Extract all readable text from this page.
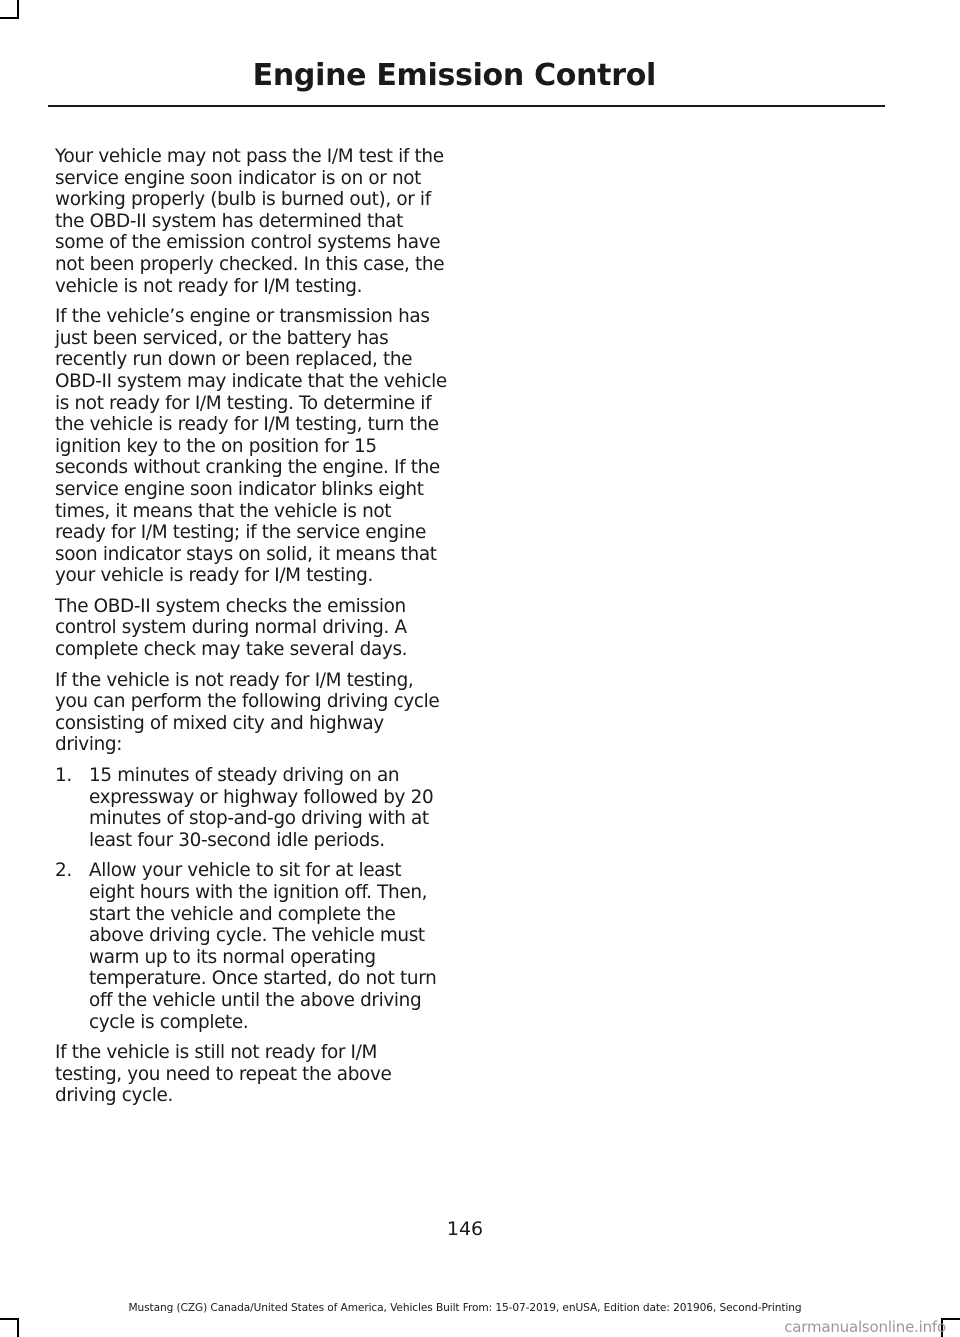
Engine Emission Control

Your vehicle may not pass the I/M test if the service engine soon indicator is on or not working properly (bulb is burned out), or if the OBD-II system has determined that some of the emission control systems have not been properly checked. In this case, the vehicle is not ready for I/M testing.

If the vehicle’s engine or transmission has just been serviced, or the battery has recently run down or been replaced, the OBD-II system may indicate that the vehicle is not ready for I/M testing. To determine if the vehicle is ready for I/M testing, turn the ignition key to the on position for 15 seconds without cranking the engine. If the service engine soon indicator blinks eight times, it means that the vehicle is not ready for I/M testing; if the service engine soon indicator stays on solid, it means that your vehicle is ready for I/M testing.

The OBD-II system checks the emission control system during normal driving. A complete check may take several days.

If the vehicle is not ready for I/M testing, you can perform the following driving cycle consisting of mixed city and highway driving:

1. 15 minutes of steady driving on an expressway or highway followed by 20 minutes of stop-and-go driving with at least four 30-second idle periods.
2. Allow your vehicle to sit for at least eight hours with the ignition off. Then, start the vehicle and complete the above driving cycle. The vehicle must warm up to its normal operating temperature. Once started, do not turn off the vehicle until the above driving cycle is complete.

If the vehicle is still not ready for I/M testing, you need to repeat the above driving cycle.

146
Mustang (CZG) Canada/United States of America, Vehicles Built From: 15-07-2019, enUSA, Edition date: 201906, Second-Printing
carmanualsonline.info
